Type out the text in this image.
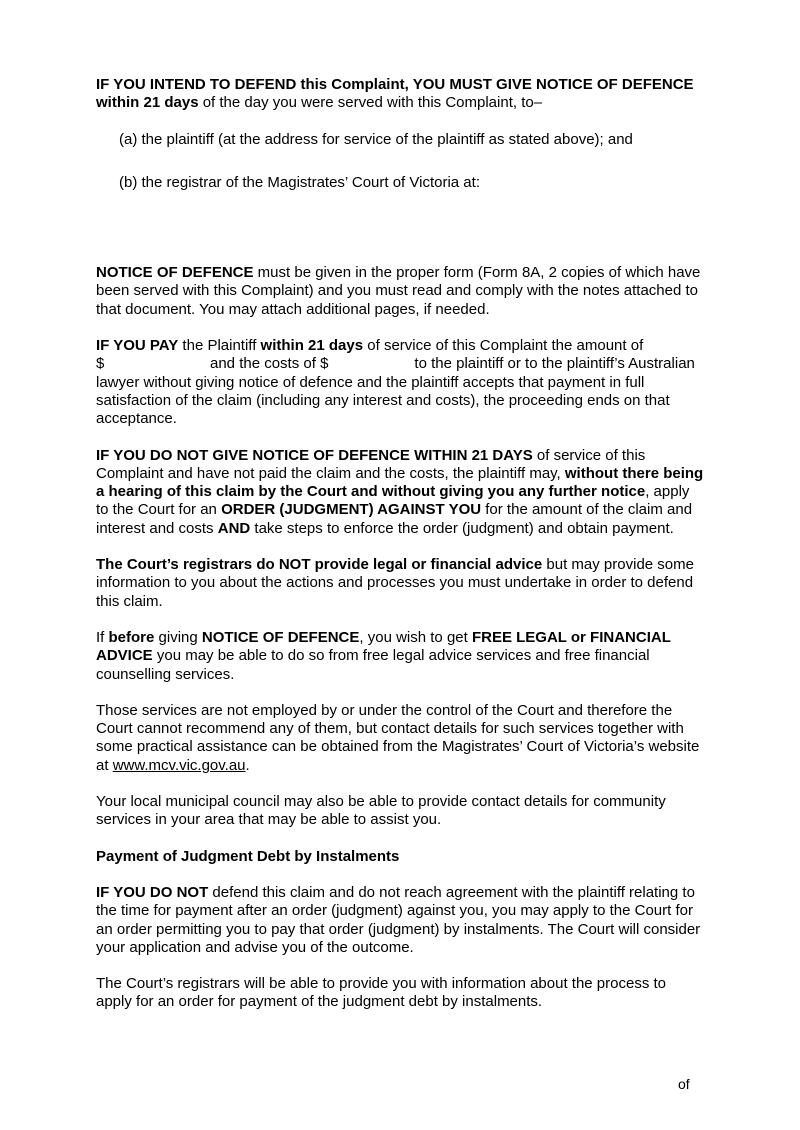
IF YOU INTEND TO DEFEND this Complaint, YOU MUST GIVE NOTICE OF DEFENCE within 21 days of the day you were served with this Complaint, to–

(a) the plaintiff (at the address for service of the plaintiff as stated above); and

(b) the registrar of the Magistrates’ Court of Victoria at:

NOTICE OF DEFENCE must be given in the proper form (Form 8A, 2 copies of which have been served with this Complaint) and you must read and comply with the notes attached to that document. You may attach additional pages, if needed.

IF YOU PAY the Plaintiff within 21 days of service of this Complaint the amount of
$	and the costs of $	to the plaintiff or to the plaintiff’s Australian lawyer without giving notice of defence and the plaintiff accepts that payment in full satisfaction of the claim (including any interest and costs), the proceeding ends on that acceptance.

IF YOU DO NOT GIVE NOTICE OF DEFENCE WITHIN 21 DAYS of service of this Complaint and have not paid the claim and the costs, the plaintiff may, without there being a hearing of this claim by the Court and without giving you any further notice, apply to the Court for an ORDER (JUDGMENT) AGAINST YOU for the amount of the claim and interest and costs AND take steps to enforce the order (judgment) and obtain payment.

The Court’s registrars do NOT provide legal or financial advice but may provide some information to you about the actions and processes you must undertake in order to defend this claim.

If before giving NOTICE OF DEFENCE, you wish to get FREE LEGAL or FINANCIAL ADVICE you may be able to do so from free legal advice services and free financial counselling services.

Those services are not employed by or under the control of the Court and therefore the Court cannot recommend any of them, but contact details for such services together with some practical assistance can be obtained from the Magistrates’ Court of Victoria’s website at www.mcv.vic.gov.au.

Your local municipal council may also be able to provide contact details for community services in your area that may be able to assist you.

Payment of Judgment Debt by Instalments

IF YOU DO NOT defend this claim and do not reach agreement with the plaintiff relating to the time for payment after an order (judgment) against you, you may apply to the Court for an order permitting you to pay that order (judgment) by instalments. The Court will consider your application and advise you of the outcome.

The Court’s registrars will be able to provide you with information about the process to apply for an order for payment of the judgment debt by instalments.

of
